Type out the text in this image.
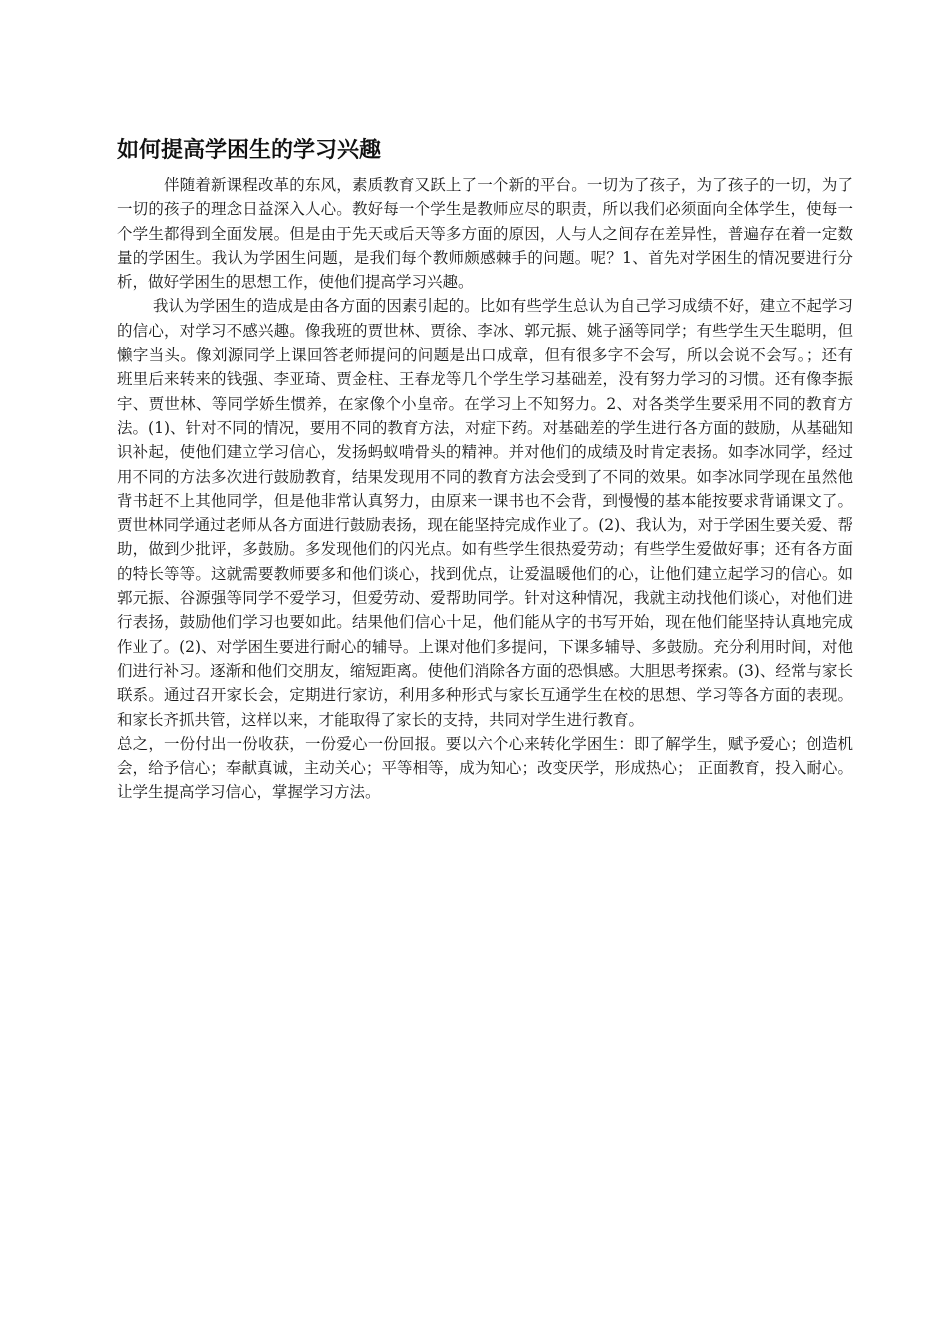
如何提高学困生的学习兴趣

伴随着新课程改革的东风，素质教育又跃上了一个新的平台。一切为了孩子，为了孩子的一切，为了一切的孩子的理念日益深入人心。教好每一个学生是教师应尽的职责，所以我们必须面向全体学生，使每一个学生都得到全面发展。但是由于先天或后天等多方面的原因，人与人之间存在差异性，普遍存在着一定数量的学困生。我认为学困生问题，是我们每个教师颇感棘手的问题。呢？1、首先对学困生的情况要进行分析，做好学困生的思想工作，使他们提高学习兴趣。

我认为学困生的造成是由各方面的因素引起的。比如有些学生总认为自己学习成绩不好，建立不起学习的信心，对学习不感兴趣。像我班的贾世林、贾徐、李冰、郭元振、姚子涵等同学；有些学生天生聪明，但懒字当头。像刘源同学上课回答老师提问的问题是出口成章，但有很多字不会写，所以会说不会写。；还有班里后来转来的钱强、李亚琦、贾金柱、王春龙等几个学生学习基础差，没有努力学习的习惯。还有像李振宇、贾世林、等同学娇生惯养，在家像个小皇帝。在学习上不知努力。2、对各类学生要采用不同的教育方法。(1)、针对不同的情况，要用不同的教育方法，对症下药。对基础差的学生进行各方面的鼓励，从基础知识补起，使他们建立学习信心，发扬蚂蚁啃骨头的精神。并对他们的成绩及时肯定表扬。如李冰同学，经过用不同的方法多次进行鼓励教育，结果发现用不同的教育方法会受到了不同的效果。如李冰同学现在虽然他背书赶不上其他同学，但是他非常认真努力，由原来一课书也不会背，到慢慢的基本能按要求背诵课文了。贾世林同学通过老师从各方面进行鼓励表扬，现在能坚持完成作业了。(2)、我认为，对于学困生要关爱、帮助，做到少批评，多鼓励。多发现他们的闪光点。如有些学生很热爱劳动；有些学生爱做好事；还有各方面的特长等等。这就需要教师要多和他们谈心，找到优点，让爱温暖他们的心，让他们建立起学习的信心。如郭元振、谷源强等同学不爱学习，但爱劳动、爱帮助同学。针对这种情况，我就主动找他们谈心，对他们进行表扬，鼓励他们学习也要如此。结果他们信心十足，他们能从字的书写开始，现在他们能坚持认真地完成作业了。(2)、对学困生要进行耐心的辅导。上课对他们多提问，下课多辅导、多鼓励。充分利用时间，对他们进行补习。逐渐和他们交朋友，缩短距离。使他们消除各方面的恐惧感。大胆思考探索。(3)、经常与家长联系。通过召开家长会，定期进行家访，利用多种形式与家长互通学生在校的思想、学习等各方面的表现。和家长齐抓共管，这样以来，才能取得了家长的支持，共同对学生进行教育。

总之，一份付出一份收获，一份爱心一份回报。要以六个心来转化学困生：即了解学生，赋予爱心；创造机会，给予信心；奉献真诚，主动关心；平等相等，成为知心；改变厌学，形成热心； 正面教育，投入耐心。让学生提高学习信心，掌握学习方法。
